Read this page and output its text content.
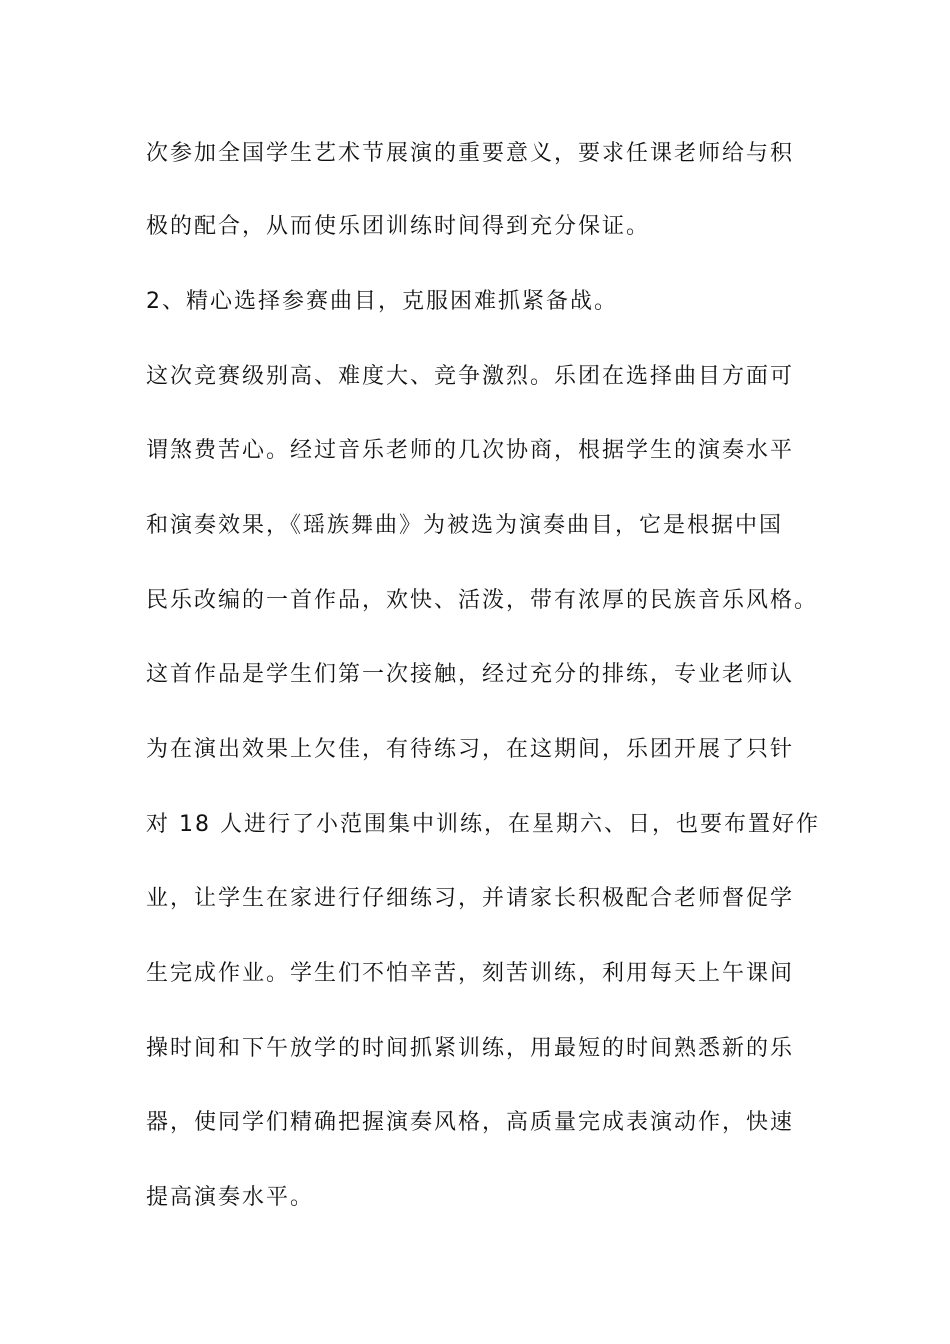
次参加全国学生艺术节展演的重要意义，要求任课老师给与积
极的配合，从而使乐团训练时间得到充分保证。
2、精心选择参赛曲目，克服困难抓紧备战。
这次竞赛级别高、难度大、竞争激烈。乐团在选择曲目方面可
谓煞费苦心。经过音乐老师的几次协商，根据学生的演奏水平
和演奏效果，《瑶族舞曲》为被选为演奏曲目，它是根据中国
民乐改编的一首作品，欢快、活泼，带有浓厚的民族音乐风格。
这首作品是学生们第一次接触，经过充分的排练，专业老师认
为在演出效果上欠佳，有待练习，在这期间，乐团开展了只针
对 18 人进行了小范围集中训练，在星期六、日，也要布置好作
业，让学生在家进行仔细练习，并请家长积极配合老师督促学
生完成作业。学生们不怕辛苦，刻苦训练，利用每天上午课间
操时间和下午放学的时间抓紧训练，用最短的时间熟悉新的乐
器，使同学们精确把握演奏风格，高质量完成表演动作，快速
提高演奏水平。
